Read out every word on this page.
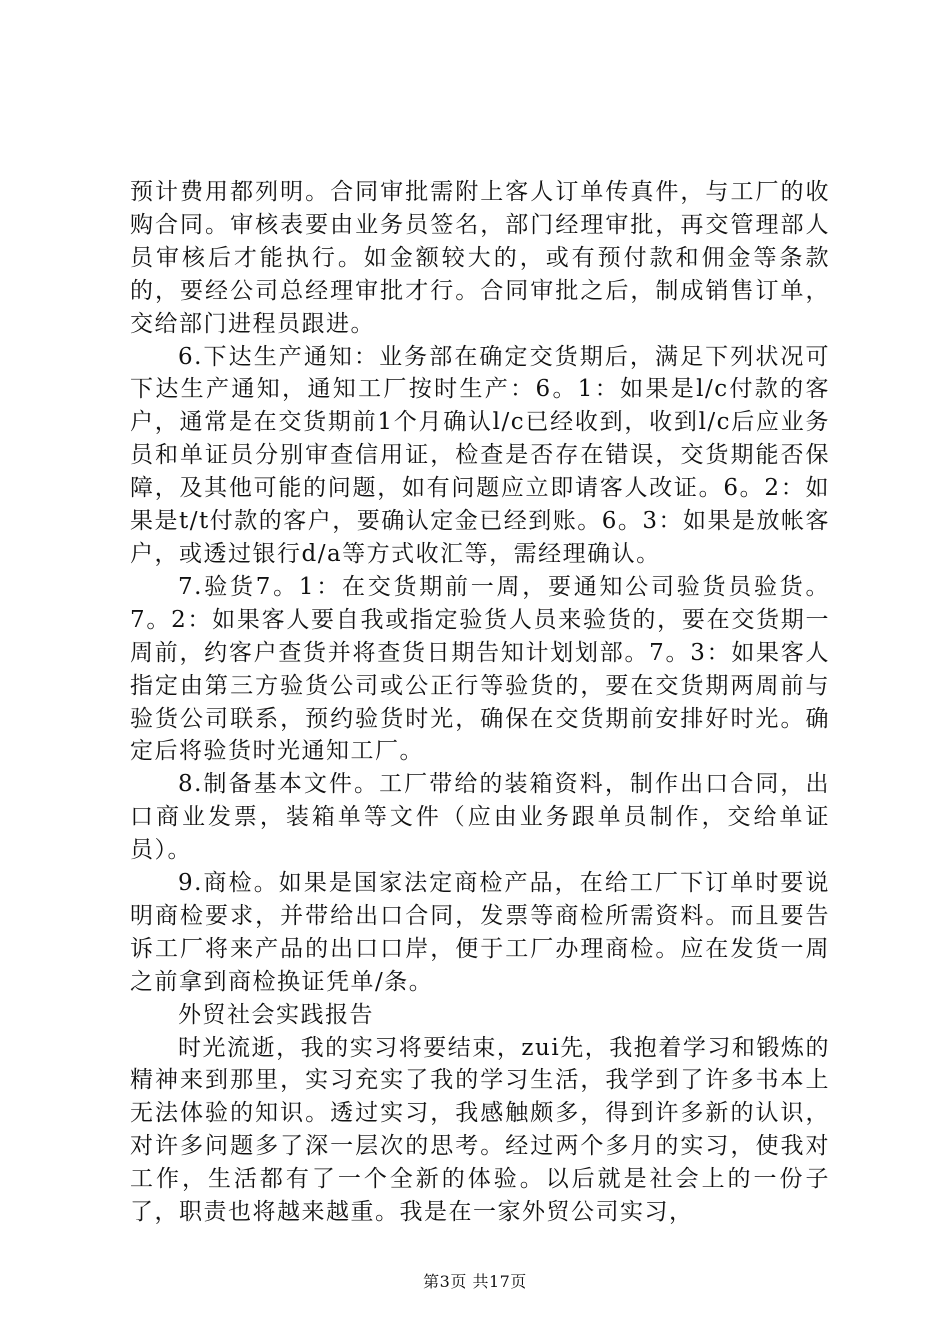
预计费用都列明。合同审批需附上客人订单传真件，与工厂的收购合同。审核表要由业务员签名，部门经理审批，再交管理部人员审核后才能执行。如金额较大的，或有预付款和佣金等条款的，要经公司总经理审批才行。合同审批之后，制成销售订单，交给部门进程员跟进。

6.下达生产通知：业务部在确定交货期后，满足下列状况可下达生产通知，通知工厂按时生产：6。1：如果是l/c付款的客户，通常是在交货期前1个月确认l/c已经收到，收到l/c后应业务员和单证员分别审查信用证，检查是否存在错误，交货期能否保障，及其他可能的问题，如有问题应立即请客人改证。6。2：如果是t/t付款的客户，要确认定金已经到账。6。3：如果是放帐客户，或透过银行d/a等方式收汇等，需经理确认。

7.验货7。1：在交货期前一周，要通知公司验货员验货。7。2：如果客人要自我或指定验货人员来验货的，要在交货期一周前，约客户查货并将查货日期告知计划划部。7。3：如果客人指定由第三方验货公司或公正行等验货的，要在交货期两周前与验货公司联系，预约验货时光，确保在交货期前安排好时光。确定后将验货时光通知工厂。

8.制备基本文件。工厂带给的装箱资料，制作出口合同，出口商业发票，装箱单等文件（应由业务跟单员制作，交给单证员）。

9.商检。如果是国家法定商检产品，在给工厂下订单时要说明商检要求，并带给出口合同，发票等商检所需资料。而且要告诉工厂将来产品的出口口岸，便于工厂办理商检。应在发货一周之前拿到商检换证凭单/条。

外贸社会实践报告

时光流逝，我的实习将要结束，zui先，我抱着学习和锻炼的精神来到那里，实习充实了我的学习生活，我学到了许多书本上无法体验的知识。透过实习，我感触颇多，得到许多新的认识，对许多问题多了深一层次的思考。经过两个多月的实习，使我对工作，生活都有了一个全新的体验。以后就是社会上的一份子了，职责也将越来越重。我是在一家外贸公司实习，

第3页 共17页
